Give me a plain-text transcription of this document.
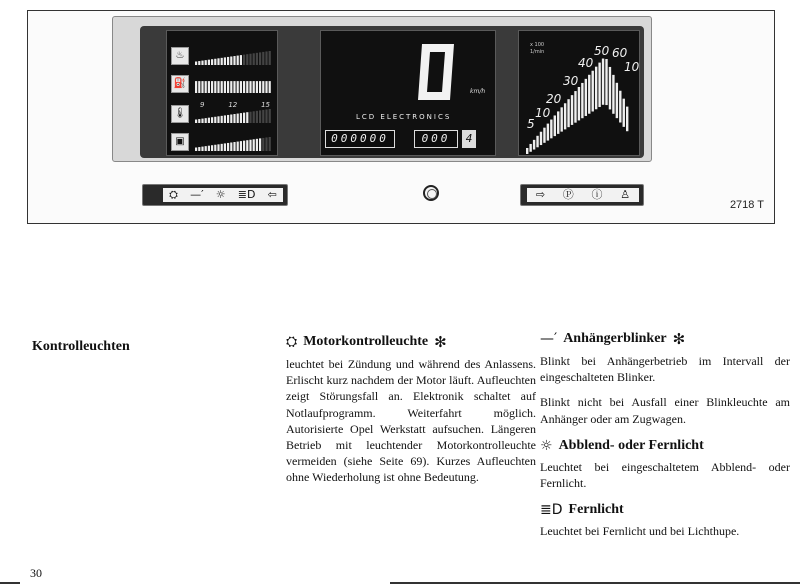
2718 T
♨
⛽
🌡
▣
9	12	15
km/h
LCD ELECTRONICS
000000	000	4
x 100
1/min
5
10
20
30
40
50 60
10
⛭ —′ ☼ ≣D ⇦	⇨ Ⓟ ⓘ ♙
Kontrolleuchten	⛭ Motorkontrolleuchte ✻

leuchtet bei Zündung und während des Anlassens. Erlischt kurz nachdem der Motor läuft. Aufleuchten zeigt Störungsfall an. Elektronik schaltet auf Notlaufprogramm. Weiterfahrt möglich. Autorisierte Opel Werkstatt aufsuchen. Längeren Betrieb mit leuchtender Motorkontrolleuchte vermeiden (siehe Seite 69). Kurzes Aufleuchten ohne Wiederholung ist ohne Bedeutung.

—′ Anhängerblinker ✻

Blinkt bei Anhängerbetrieb im Intervall der eingeschalteten Blinker.

Blinkt nicht bei Ausfall einer Blinkleuchte am Anhänger oder am Zugwagen.

☼ Abblend- oder Fernlicht

Leuchtet bei eingeschaltetem Abblend- oder Fernlicht.

≣D Fernlicht

Leuchtet bei Fernlicht und bei Lichthupe.

30
